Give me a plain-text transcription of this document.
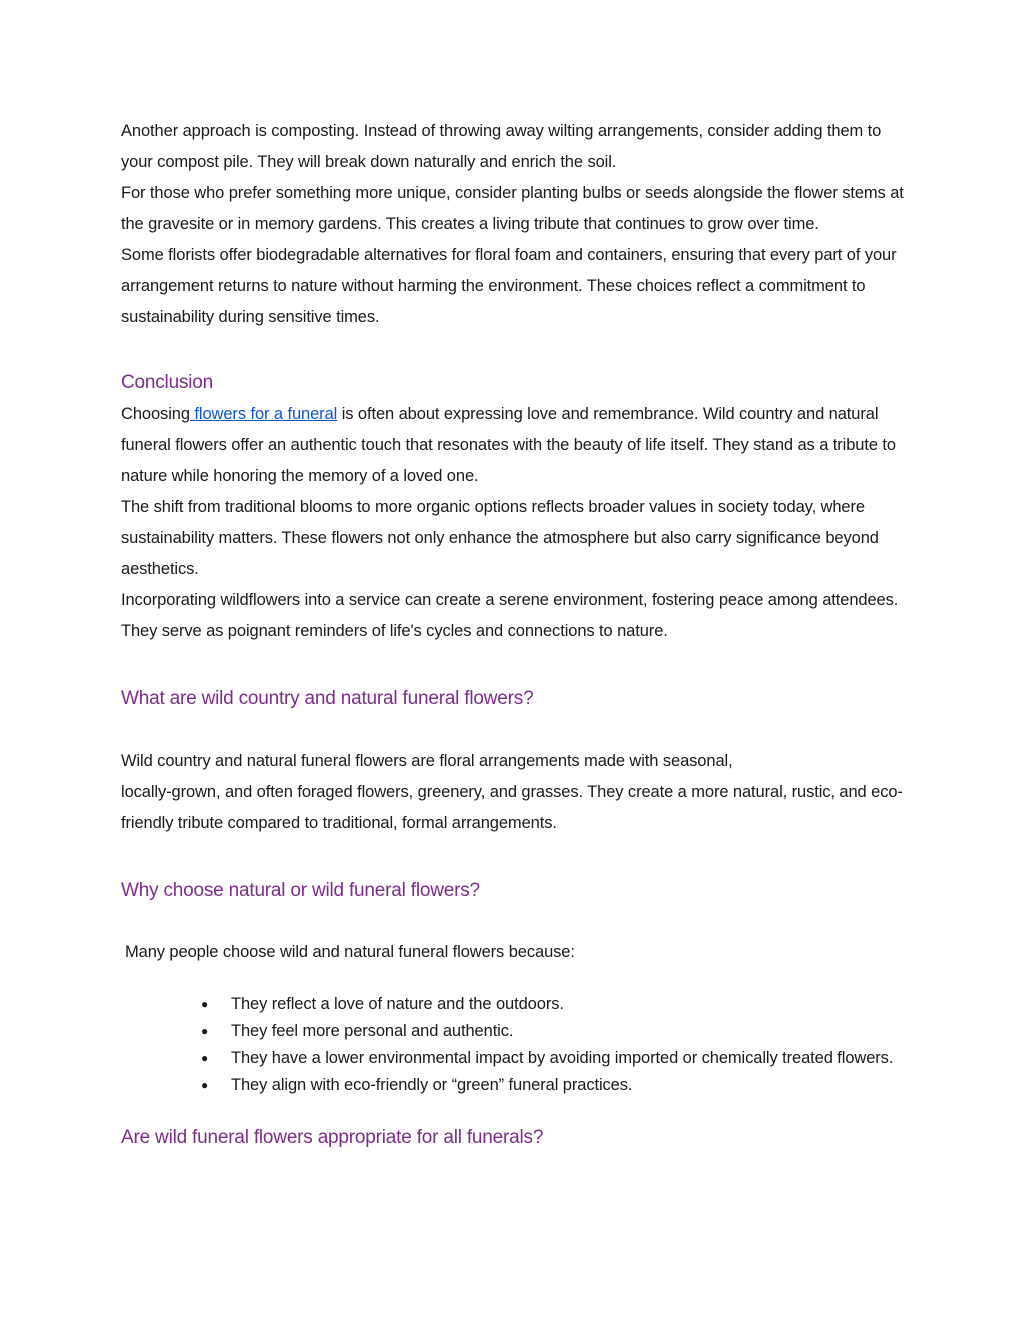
Another approach is composting. Instead of throwing away wilting arrangements, consider adding them to your compost pile. They will break down naturally and enrich the soil.

For those who prefer something more unique, consider planting bulbs or seeds alongside the flower stems at the gravesite or in memory gardens. This creates a living tribute that continues to grow over time.

Some florists offer biodegradable alternatives for floral foam and containers, ensuring that every part of your arrangement returns to nature without harming the environment. These choices reflect a commitment to sustainability during sensitive times.

Conclusion

Choosing flowers for a funeral is often about expressing love and remembrance. Wild country and natural funeral flowers offer an authentic touch that resonates with the beauty of life itself. They stand as a tribute to nature while honoring the memory of a loved one.

The shift from traditional blooms to more organic options reflects broader values in society today, where sustainability matters. These flowers not only enhance the atmosphere but also carry significance beyond aesthetics.

Incorporating wildflowers into a service can create a serene environment, fostering peace among attendees. They serve as poignant reminders of life's cycles and connections to nature.

What are wild country and natural funeral flowers?

Wild country and natural funeral flowers are floral arrangements made with seasonal,
locally-grown, and often foraged flowers, greenery, and grasses. They create a more natural, rustic, and eco-friendly tribute compared to traditional, formal arrangements.

Why choose natural or wild funeral flowers?

Many people choose wild and natural funeral flowers because:

● They reflect a love of nature and the outdoors.
● They feel more personal and authentic.
● They have a lower environmental impact by avoiding imported or chemically treated flowers.
● They align with eco-friendly or “green” funeral practices.
Are wild funeral flowers appropriate for all funerals?
